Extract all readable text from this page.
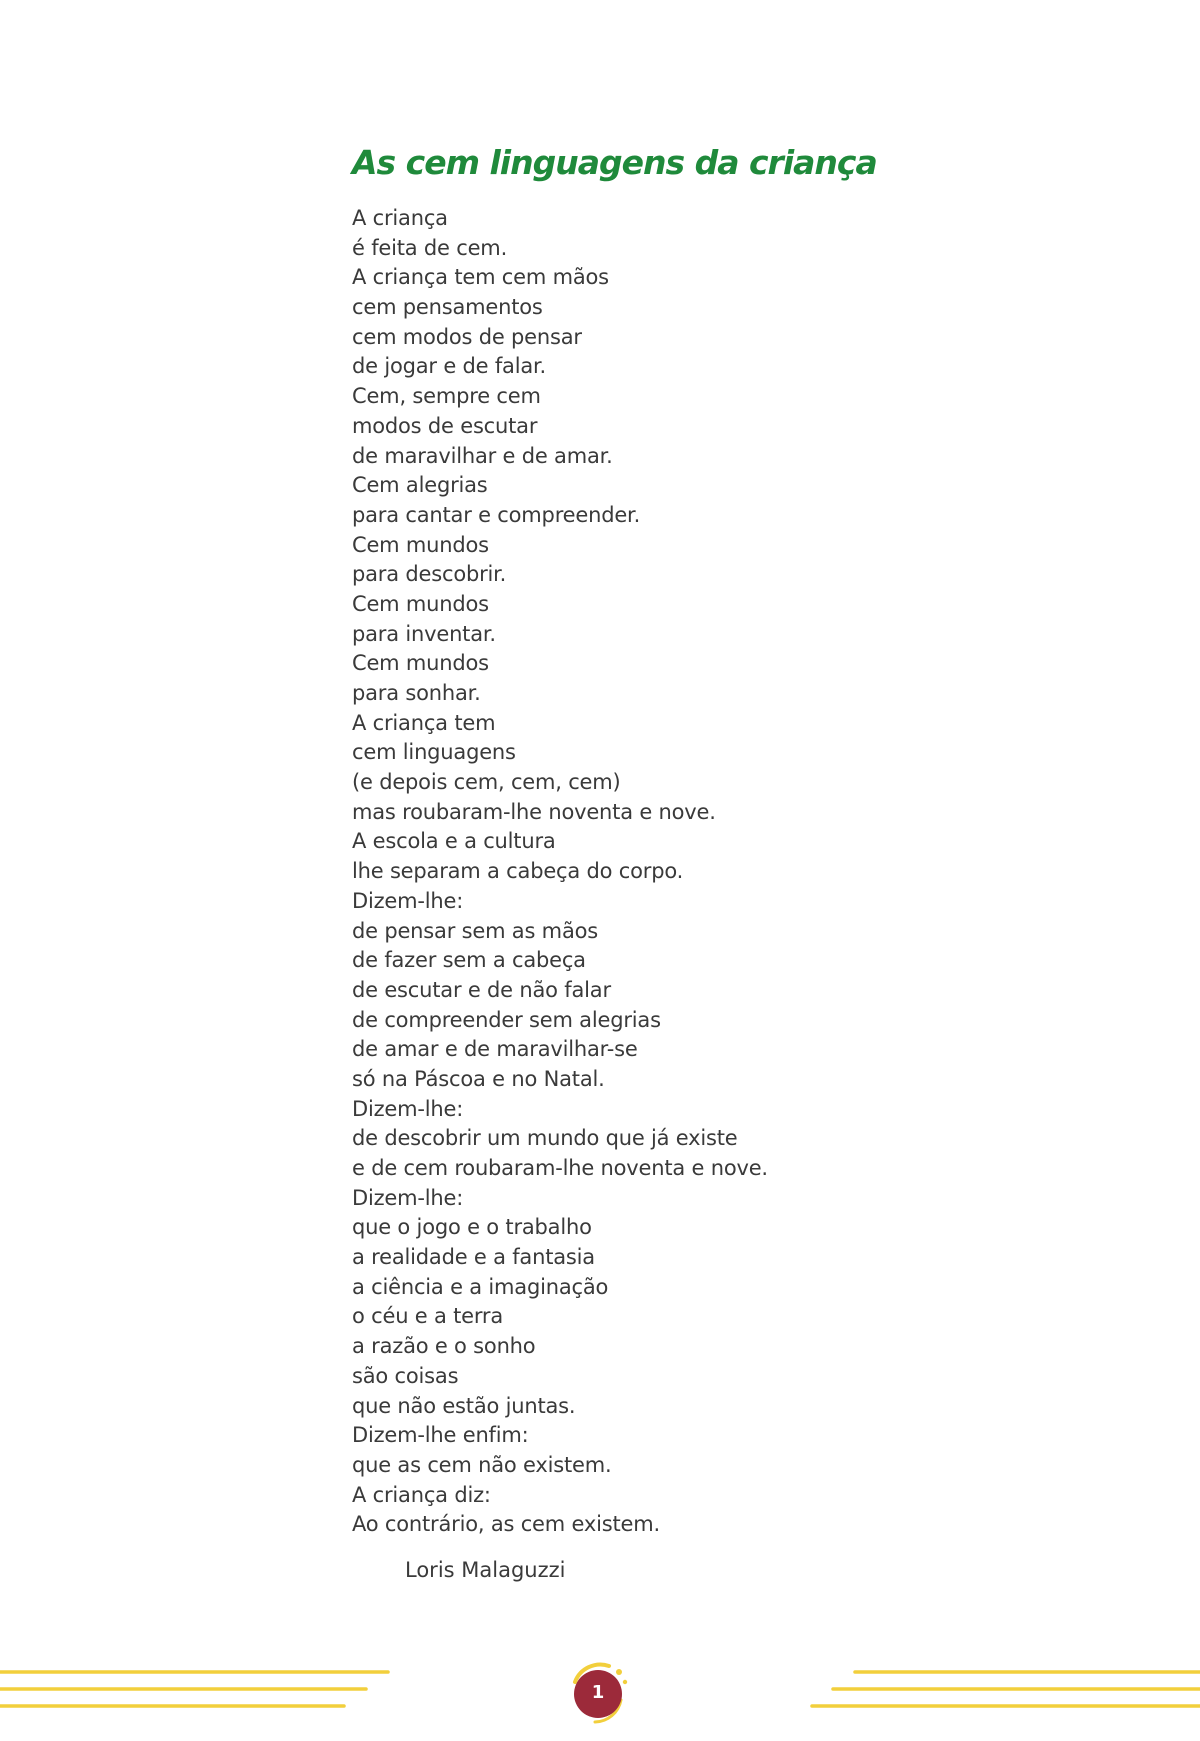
As cem linguagens da criança
A criança
é feita de cem.
A criança tem cem mãos
cem pensamentos
cem modos de pensar
de jogar e de falar.
Cem, sempre cem
modos de escutar
de maravilhar e de amar.
Cem alegrias
para cantar e compreender.
Cem mundos
para descobrir.
Cem mundos
para inventar.
Cem mundos
para sonhar.
A criança tem
cem linguagens
(e depois cem, cem, cem)
mas roubaram-lhe noventa e nove.
A escola e a cultura
lhe separam a cabeça do corpo.
Dizem-lhe:
de pensar sem as mãos
de fazer sem a cabeça
de escutar e de não falar
de compreender sem alegrias
de amar e de maravilhar-se
só na Páscoa e no Natal.
Dizem-lhe:
de descobrir um mundo que já existe
e de cem roubaram-lhe noventa e nove.
Dizem-lhe:
que o jogo e o trabalho
a realidade e a fantasia
a ciência e a imaginação
o céu e a terra
a razão e o sonho
são coisas
que não estão juntas.
Dizem-lhe enfim:
que as cem não existem.
A criança diz:
Ao contrário, as cem existem.
Loris Malaguzzi
1
